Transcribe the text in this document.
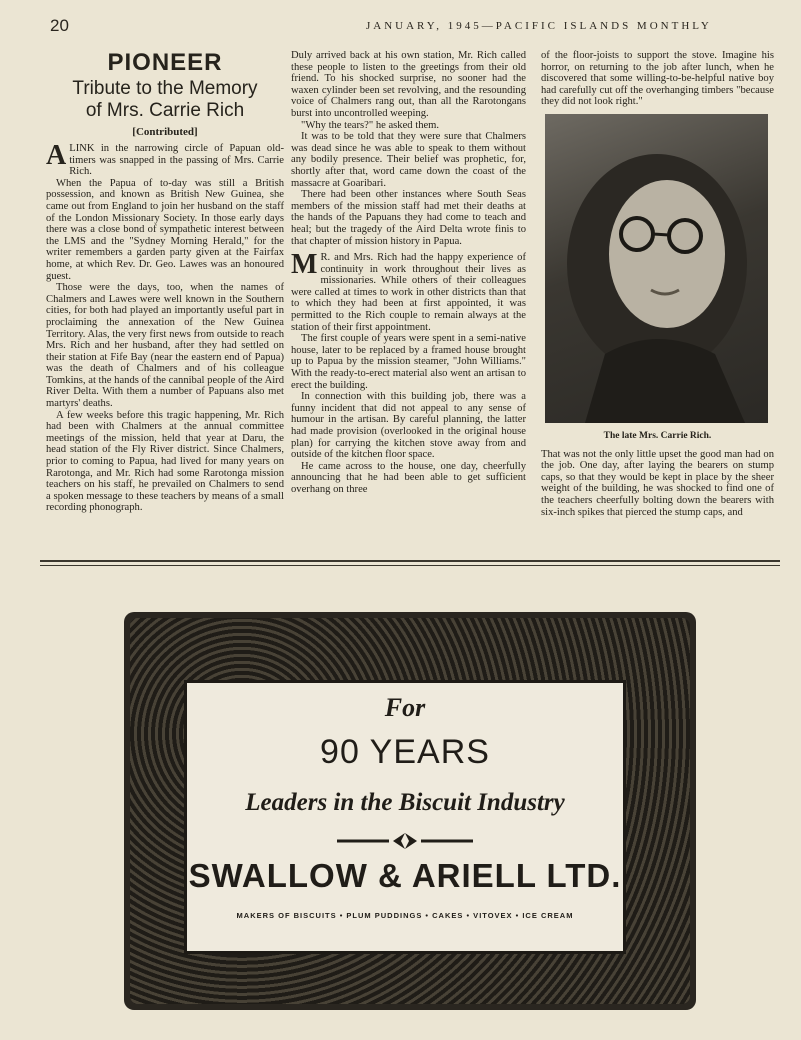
20	JANUARY, 1945—PACIFIC ISLANDS MONTHLY
PIONEER
Tribute to the Memory
of Mrs. Carrie Rich
[Contributed]

ALINK in the narrowing circle of Papuan old-timers was snapped in the passing of Mrs. Carrie Rich.

When the Papua of to-day was still a British possession, and known as British New Guinea, she came out from England to join her husband on the staff of the London Missionary Society. In those early days there was a close bond of sympathetic interest between the LMS and the "Sydney Morning Herald," for the writer remembers a garden party given at the Fairfax home, at which Rev. Dr. Geo. Lawes was an honoured guest.

Those were the days, too, when the names of Chalmers and Lawes were well known in the Southern cities, for both had played an importantly useful part in proclaiming the annexation of the New Guinea Territory. Alas, the very first news from outside to reach Mrs. Rich and her husband, after they had settled on their station at Fife Bay (near the eastern end of Papua) was the death of Chalmers and of his colleague Tomkins, at the hands of the cannibal people of the Aird River Delta. With them a number of Papuans also met martyrs' deaths.

A few weeks before this tragic happening, Mr. Rich had been with Chalmers at the annual committee meetings of the mission, held that year at Daru, the head station of the Fly River district. Since Chalmers, prior to coming to Papua, had lived for many years on Rarotonga, and Mr. Rich had some Rarotonga mission teachers on his staff, he prevailed on Chalmers to send a spoken message to these teachers by means of a small recording phonograph.

Duly arrived back at his own station, Mr. Rich called these people to listen to the greetings from their old friend. To his shocked surprise, no sooner had the waxen cylinder been set revolving, and the resounding voice of Chalmers rang out, than all the Rarotongans burst into uncontrolled weeping.

"Why the tears?" he asked them.

It was to be told that they were sure that Chalmers was dead since he was able to speak to them without any bodily presence. Their belief was prophetic, for, shortly after that, word came down the coast of the massacre at Goaribari.

There had been other instances where South Seas members of the mission staff had met their deaths at the hands of the Papuans they had come to teach and heal; but the tragedy of the Aird Delta wrote finis to that chapter of mission history in Papua.

M R. and Mrs. Rich had the happy experience of continuity in work throughout their lives as missionaries. While others of their colleagues were called at times to work in other districts than that to which they had been at first appointed, it was permitted to the Rich couple to remain always at the station of their first appointment.

The first couple of years were spent in a semi-native house, later to be replaced by a framed house brought up to Papua by the mission steamer, "John Williams." With the ready-to-erect material also went an artisan to erect the building.

In connection with this building job, there was a funny incident that did not appeal to any sense of humour in the artisan. By careful planning, the latter had made provision (overlooked in the original house plan) for carrying the kitchen stove away from and outside of the kitchen floor space.

He came across to the house, one day, cheerfully announcing that he had been able to get sufficient overhang on three

of the floor-joists to support the stove. Imagine his horror, on returning to the job after lunch, when he discovered that some willing-to-be-helpful native boy had carefully cut off the overhanging timbers "because they did not look right."

The late Mrs. Carrie Rich.

That was not the only little upset the good man had on the job. One day, after laying the bearers on stump caps, so that they would be kept in place by the sheer weight of the building, he was shocked to find one of the teachers cheerfully bolting down the bearers with six-inch spikes that pierced the stump caps, and

For
90 YEARS
Leaders in the Biscuit Industry
SWALLOW & ARIELL LTD.
MAKERS OF BISCUITS • PLUM PUDDINGS • CAKES • VITOVEX • ICE CREAM
